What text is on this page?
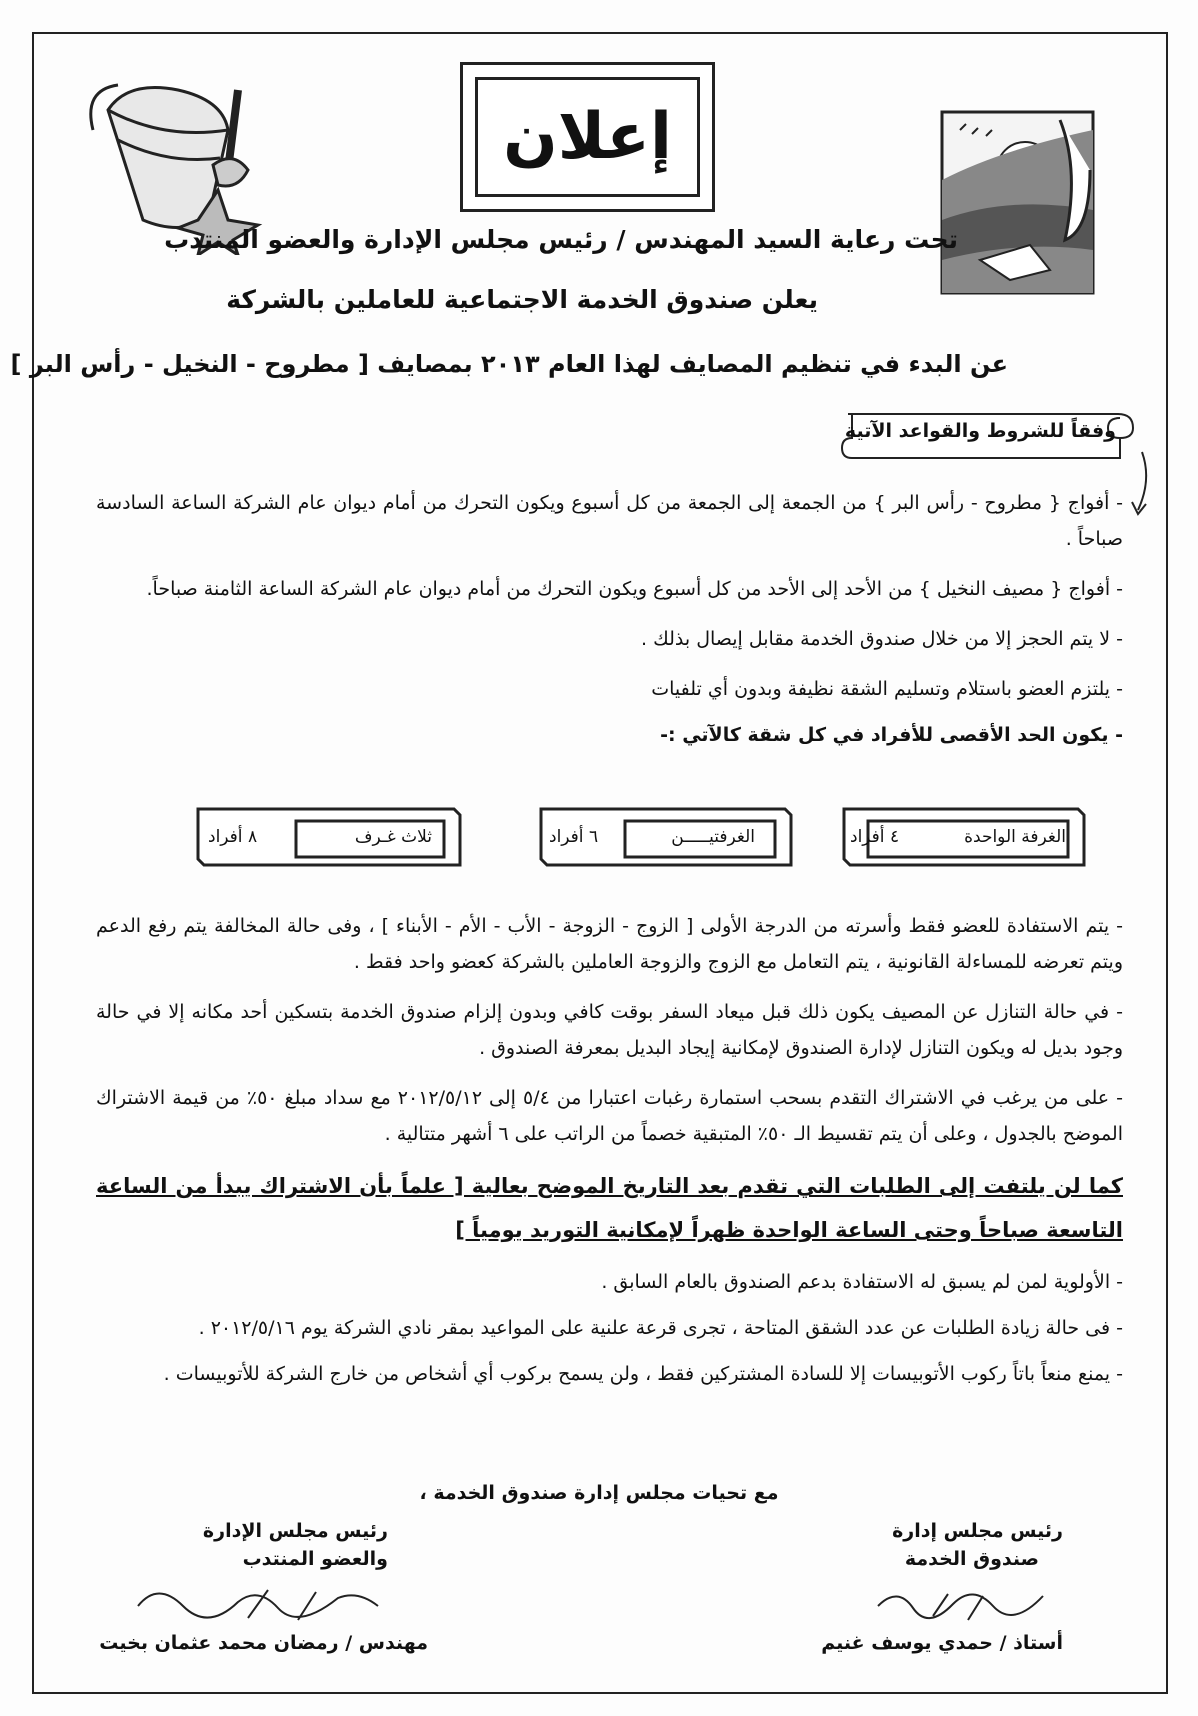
إعلان
تحت رعاية السيد المهندس / رئيس مجلس الإدارة والعضو المنتدب
يعلن صندوق الخدمة الاجتماعية للعاملين بالشركة
عن البدء في تنظيم المصايف لهذا العام ٢٠١٣ بمصايف [ مطروح - النخيل - رأس البر ]
وفقاً للشروط والقواعد الآتية

- أفواج { مطروح - رأس البر } من الجمعة إلى الجمعة من كل أسبوع ويكون التحرك من أمام ديوان عام الشركة الساعة السادسة صباحاً .

- أفواج { مصيف النخيل } من الأحد إلى الأحد من كل أسبوع ويكون التحرك من أمام ديوان عام الشركة الساعة الثامنة صباحاً.

- لا يتم الحجز إلا من خلال صندوق الخدمة مقابل إيصال بذلك .

- يلتزم العضو باستلام وتسليم الشقة نظيفة وبدون أي تلفيات

- يكون الحد الأقصى للأفراد في كل شقة كالآتي :-

الغرفة الواحدة
٤ أفراد
الغرفتيـــــن
٦ أفراد
ثلاث غـرف
٨ أفراد

- يتم الاستفادة للعضو فقط وأسرته من الدرجة الأولى [ الزوج - الزوجة - الأب - الأم - الأبناء ] ، وفى حالة المخالفة يتم رفع الدعم ويتم تعرضه للمساءلة القانونية ، يتم التعامل مع الزوج والزوجة العاملين بالشركة كعضو واحد فقط .

- في حالة التنازل عن المصيف يكون ذلك قبل ميعاد السفر بوقت كافي وبدون إلزام صندوق الخدمة بتسكين أحد مكانه إلا في حالة وجود بديل له ويكون التنازل لإدارة الصندوق لإمكانية إيجاد البديل بمعرفة الصندوق .

- على من يرغب في الاشتراك التقدم بسحب استمارة رغبات اعتبارا من ٥/٤ إلى ٢٠١٢/٥/١٢ مع سداد مبلغ ٥٠٪ من قيمة الاشتراك الموضح بالجدول ، وعلى أن يتم تقسيط الـ ٥٠٪ المتبقية خصماً من الراتب على ٦ أشهر متتالية .

كما لن يلتفت إلى الطلبات التي تقدم بعد التاريخ الموضح بعالية [ علماً بأن الاشتراك يبدأ من الساعة التاسعة صباحاً وحتى الساعة الواحدة ظهراً لإمكانية التوريد يومياً ]

- الأولوية لمن لم يسبق له الاستفادة بدعم الصندوق بالعام السابق .

- فى حالة زيادة الطلبات عن عدد الشقق المتاحة ، تجرى قرعة علنية على المواعيد بمقر نادي الشركة يوم ٢٠١٢/٥/١٦ .

- يمنع منعاً باتاً ركوب الأتوبيسات إلا للسادة المشتركين فقط ، ولن يسمح بركوب أي أشخاص من خارج الشركة للأتوبيسات .

مع تحيات مجلس إدارة صندوق الخدمة ،
رئيس مجلس إدارة
صندوق الخدمة
أستاذ / حمدي يوسف غنيم
رئيس مجلس الإدارة
والعضو المنتدب
مهندس / رمضان محمد عثمان بخيت
